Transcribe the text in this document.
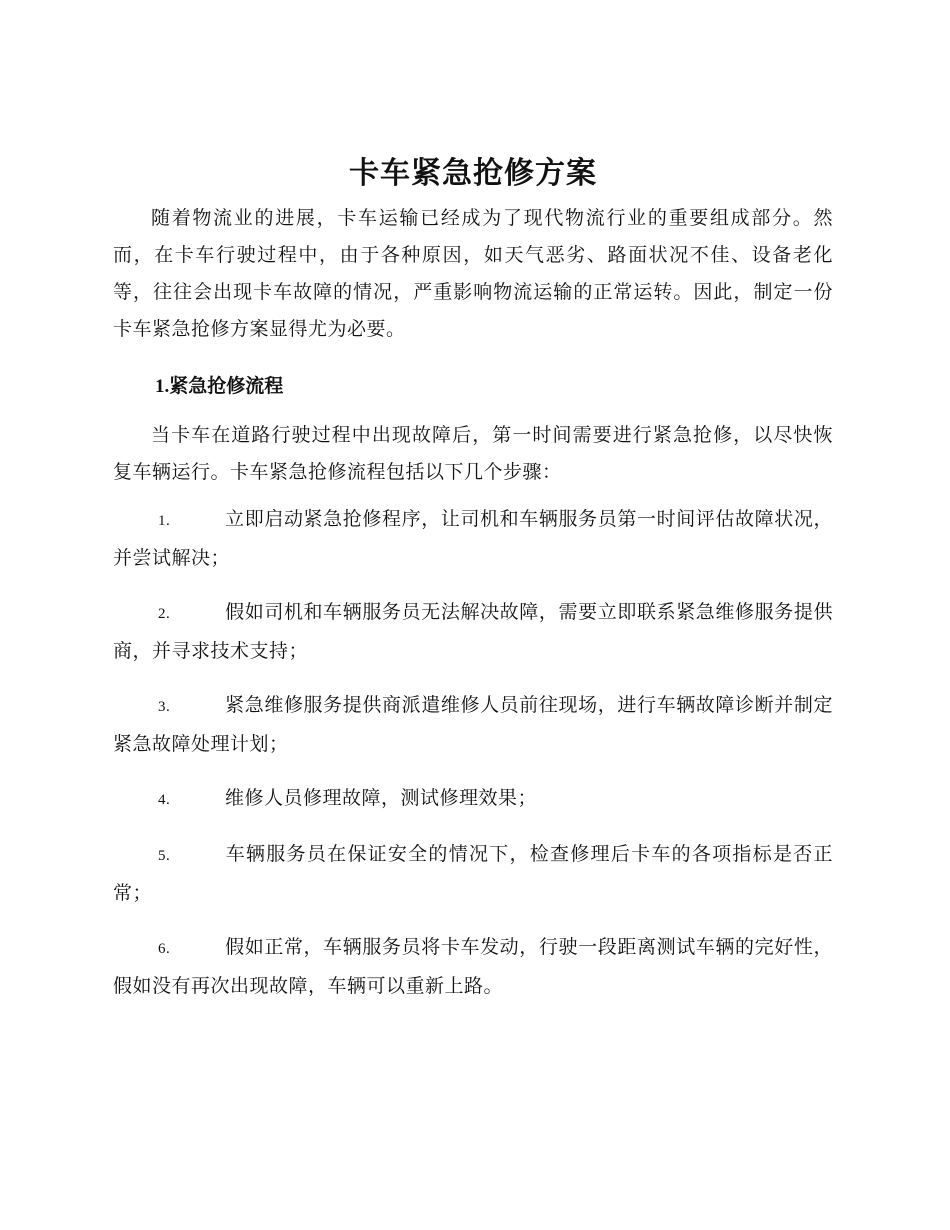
卡车紧急抢修方案

随着物流业的进展，卡车运输已经成为了现代物流行业的重要组成部分。然而，在卡车行驶过程中，由于各种原因，如天气恶劣、路面状况不佳、设备老化等，往往会出现卡车故障的情况，严重影响物流运输的正常运转。因此，制定一份卡车紧急抢修方案显得尤为必要。

1.紧急抢修流程

当卡车在道路行驶过程中出现故障后，第一时间需要进行紧急抢修，以尽快恢复车辆运行。卡车紧急抢修流程包括以下几个步骤：

1.	立即启动紧急抢修程序，让司机和车辆服务员第一时间评估故障状况，并尝试解决；
2.	假如司机和车辆服务员无法解决故障，需要立即联系紧急维修服务提供商，并寻求技术支持；
3.	紧急维修服务提供商派遣维修人员前往现场，进行车辆故障诊断并制定紧急故障处理计划；
4.	维修人员修理故障，测试修理效果；
5.	车辆服务员在保证安全的情况下，检查修理后卡车的各项指标是否正常；
6.	假如正常，车辆服务员将卡车发动，行驶一段距离测试车辆的完好性，假如没有再次出现故障，车辆可以重新上路。
